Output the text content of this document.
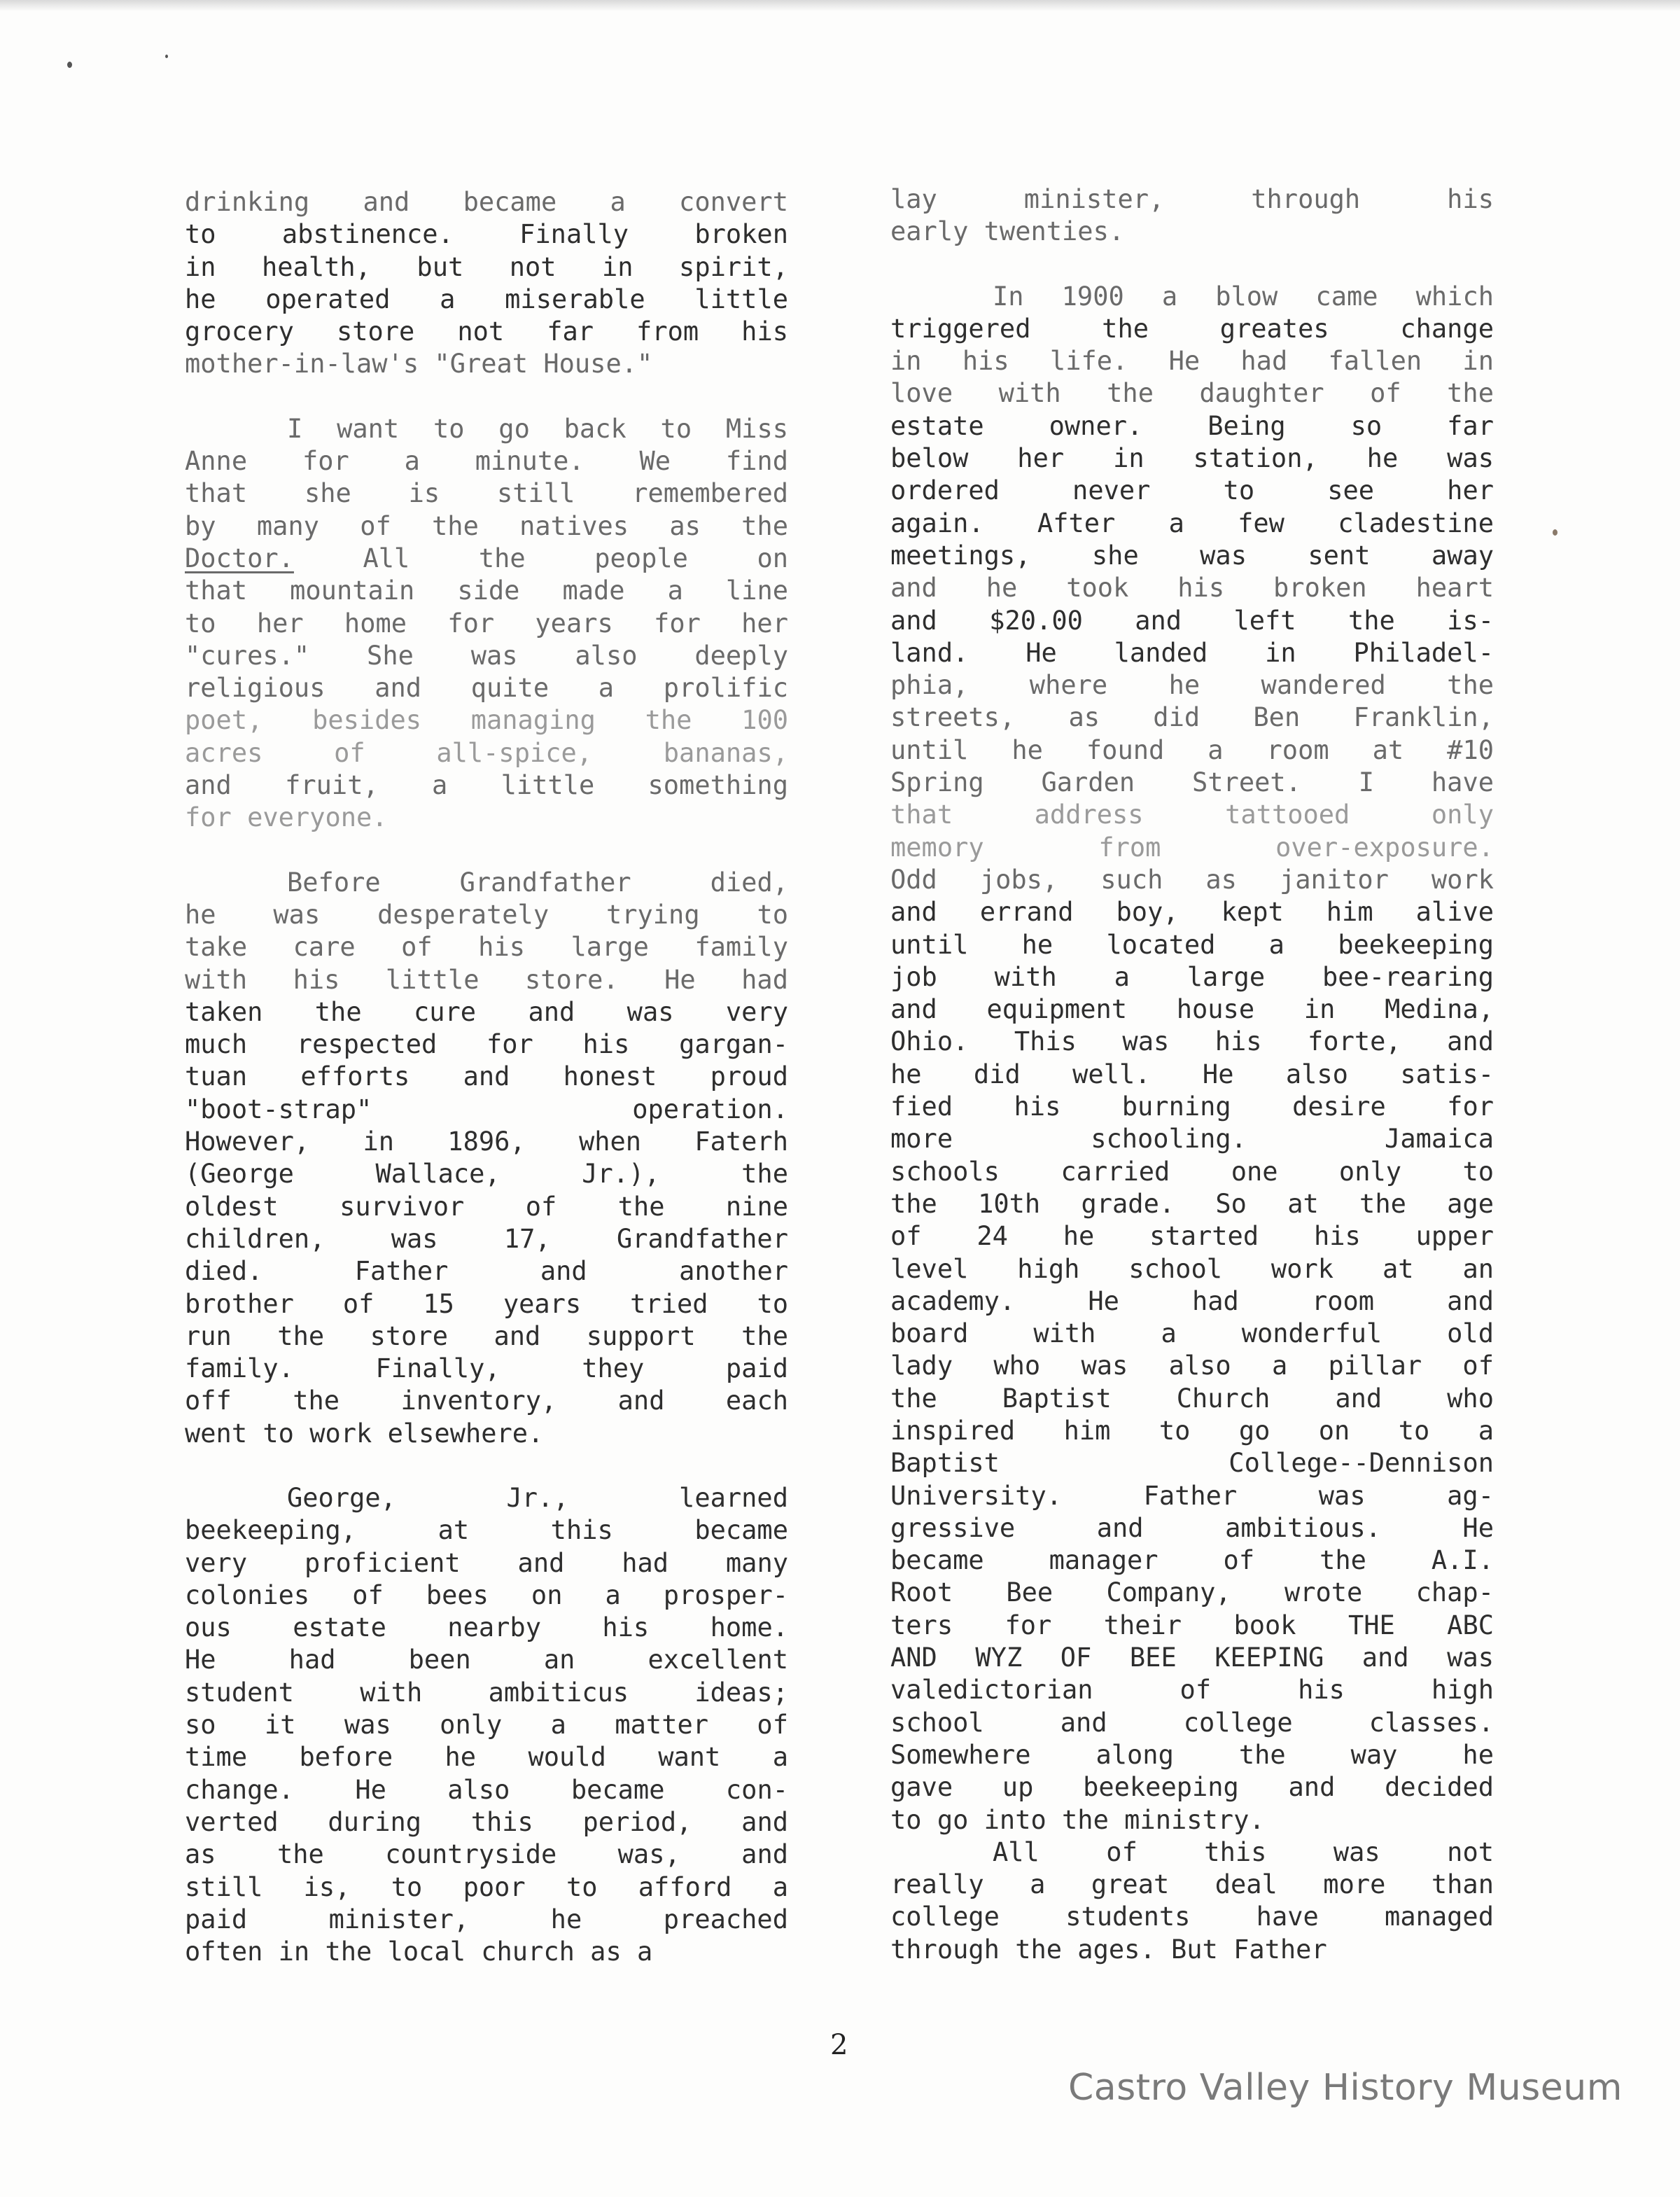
drinking and became a convert
to abstinence. Finally broken
in health, but not in spirit,
he operated a miserable little
grocery store not far from his
mother-in-law's "Great House."
I want to go back to Miss
Anne for a minute. We find
that she is still remembered
by many of the natives as the
Doctor. All the people on
that mountain side made a line
to her home for years for her
"cures." She was also deeply
religious and quite a prolific
poet, besides managing the 100
acres of all-spice, bananas,
and fruit, a little something
for everyone.
Before Grandfather died,
he was desperately trying to
take care of his large family
with his little store. He had
taken the cure and was very
much respected for his gargan-
tuan efforts and honest proud
"boot-strap" operation.
However, in 1896, when Faterh
(George Wallace, Jr.), the
oldest survivor of the nine
children, was 17, Grandfather
died. Father and another
brother of 15 years tried to
run the store and support the
family. Finally, they paid
off the inventory, and each
went to work elsewhere.
George, Jr., learned
beekeeping, at this became
very proficient and had many
colonies of bees on a prosper-
ous estate nearby his home.
He had been an excellent
student with ambiticus ideas;
so it was only a matter of
time before he would want a
change. He also became con-
verted during this period, and
as the countryside was, and
still is, to poor to afford a
paid minister, he preached
often in the local church as a
lay minister, through his
early twenties.
In 1900 a blow came which
triggered the greates change
in his life. He had fallen in
love with the daughter of the
estate owner. Being so far
below her in station, he was
ordered never to see her
again. After a few cladestine
meetings, she was sent away
and he took his broken heart
and $20.00 and left the is-
land. He landed in Philadel-
phia, where he wandered the
streets, as did Ben Franklin,
until he found a room at #10
Spring Garden Street. I have
that address tattooed only
memory from over-exposure.
Odd jobs, such as janitor work
and errand boy, kept him alive
until he located a beekeeping
job with a large bee-rearing
and equipment house in Medina,
Ohio. This was his forte, and
he did well. He also satis-
fied his burning desire for
more schooling. Jamaica
schools carried one only to
the 10th grade. So at the age
of 24 he started his upper
level high school work at an
academy. He had room and
board with a wonderful old
lady who was also a pillar of
the Baptist Church and who
inspired him to go on to a
Baptist College--Dennison
University. Father was ag-
gressive and ambitious. He
became manager of the A.I.
Root Bee Company, wrote chap-
ters for their book THE ABC
AND WYZ OF BEE KEEPING and was
valedictorian of his high
school and college classes.
Somewhere along the way he
gave up beekeeping and decided
to go into the ministry.
All of this was not
really a great deal more than
college students have managed
through the ages. But Father
2
Castro Valley History Museum
